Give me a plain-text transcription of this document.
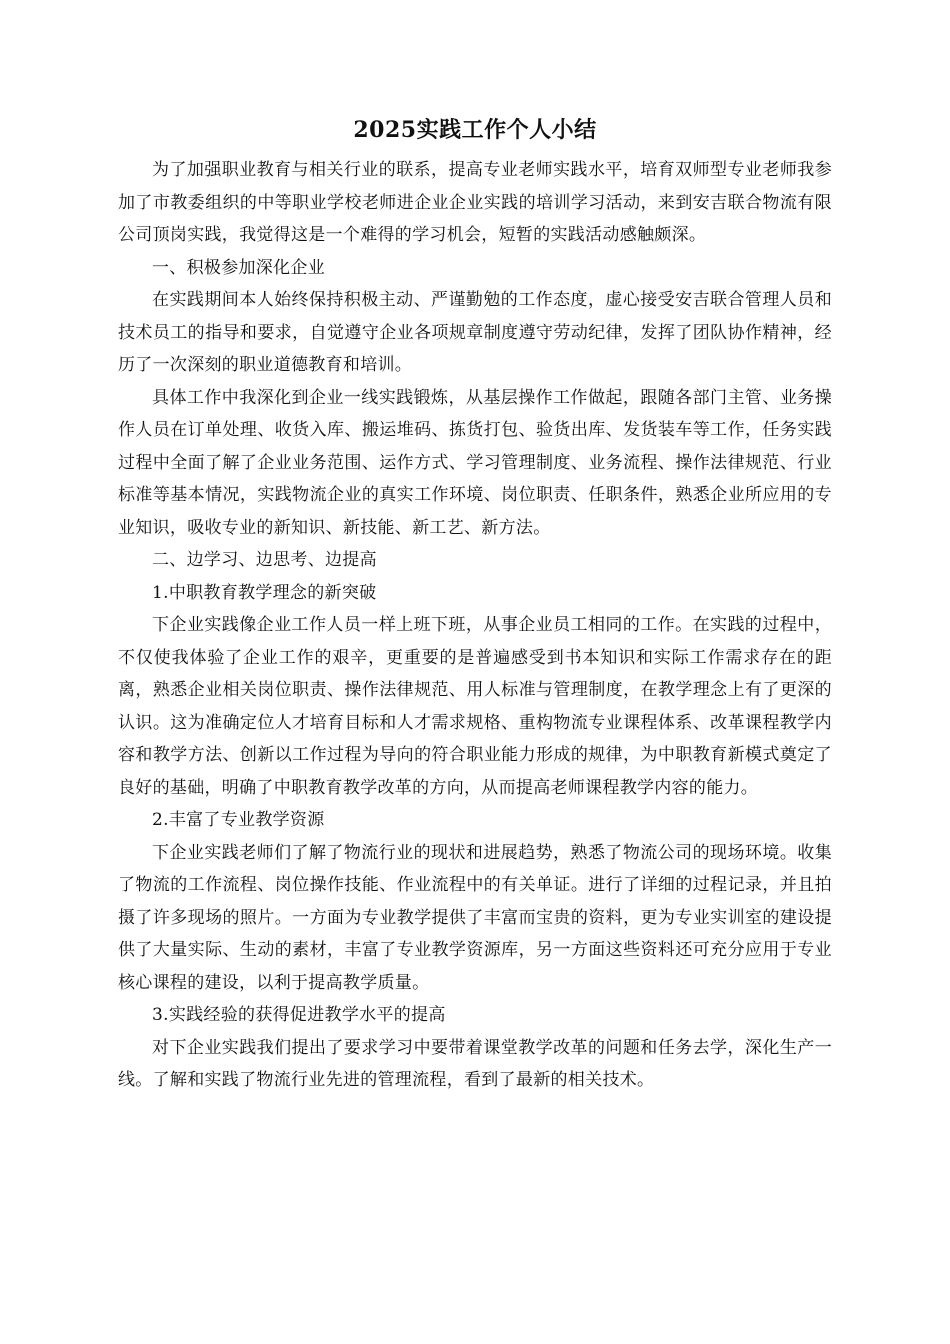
2025实践工作个人小结

为了加强职业教育与相关行业的联系，提高专业老师实践水平，培育双师型专业老师我参加了市教委组织的中等职业学校老师进企业企业实践的培训学习活动，来到安吉联合物流有限公司顶岗实践，我觉得这是一个难得的学习机会，短暂的实践活动感触颇深。

一、积极参加深化企业

在实践期间本人始终保持积极主动、严谨勤勉的工作态度，虚心接受安吉联合管理人员和技术员工的指导和要求，自觉遵守企业各项规章制度遵守劳动纪律，发挥了团队协作精神，经历了一次深刻的职业道德教育和培训。

具体工作中我深化到企业一线实践锻炼，从基层操作工作做起，跟随各部门主管、业务操作人员在订单处理、收货入库、搬运堆码、拣货打包、验货出库、发货装车等工作，任务实践过程中全面了解了企业业务范围、运作方式、学习管理制度、业务流程、操作法律规范、行业标准等基本情况，实践物流企业的真实工作环境、岗位职责、任职条件，熟悉企业所应用的专业知识，吸收专业的新知识、新技能、新工艺、新方法。

二、边学习、边思考、边提高

1.中职教育教学理念的新突破

下企业实践像企业工作人员一样上班下班，从事企业员工相同的工作。在实践的过程中，不仅使我体验了企业工作的艰辛，更重要的是普遍感受到书本知识和实际工作需求存在的距离，熟悉企业相关岗位职责、操作法律规范、用人标准与管理制度，在教学理念上有了更深的认识。这为准确定位人才培育目标和人才需求规格、重构物流专业课程体系、改革课程教学内容和教学方法、创新以工作过程为导向的符合职业能力形成的规律，为中职教育新模式奠定了良好的基础，明确了中职教育教学改革的方向，从而提高老师课程教学内容的能力。

2.丰富了专业教学资源

下企业实践老师们了解了物流行业的现状和进展趋势，熟悉了物流公司的现场环境。收集了物流的工作流程、岗位操作技能、作业流程中的有关单证。进行了详细的过程记录，并且拍摄了许多现场的照片。一方面为专业教学提供了丰富而宝贵的资料，更为专业实训室的建设提供了大量实际、生动的素材，丰富了专业教学资源库，另一方面这些资料还可充分应用于专业核心课程的建设，以利于提高教学质量。

3.实践经验的获得促进教学水平的提高

对下企业实践我们提出了要求学习中要带着课堂教学改革的问题和任务去学，深化生产一线。了解和实践了物流行业先进的管理流程，看到了最新的相关技术。
